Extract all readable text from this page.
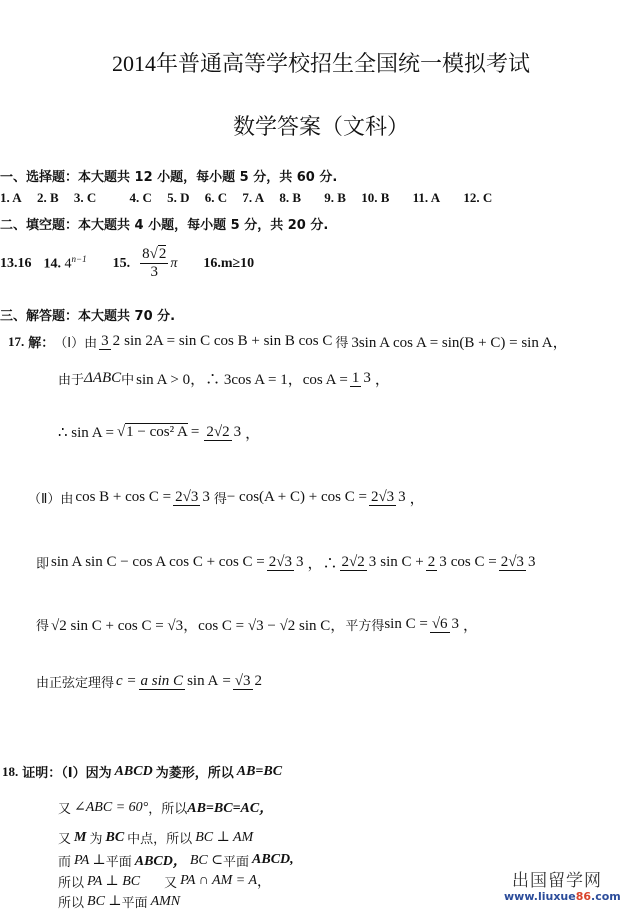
2014年普通高等学校招生全国统一模拟考试
数学答案（文科）
一、选择题：本大题共 12 小题，每小题 5 分，共 60 分.
1. A 2. B 3. C	4. C 5. D 6. C 7. A 8. B 9. B 10. B 11. A 12. C
二、填空题：本大题共 4 小题，每小题 5 分，共 20 分.
13.16 14. $4^{n-1}$ 15. $\frac{8√2}{3}$ π 16.m≥10
三、解答题：本大题共 70 分.
17. 解： （Ⅰ） 由 3 2 sin 2A = sin C cos B + sin B cos C 得 3sin A cos A = sin(B + C) = sin A，
由于 ΔABC 中 sin A > 0，∴ 3cos A = 1，cos A = 1 3 ，
∴ sin A = √ 1 − cos² A = 2√2 3 ，
（Ⅱ） 由 cos B + cos C = 2√3 3 得 − cos(A + C) + cos C = 2√3 3 ，
即 sin A sin C − cos A cos C + cos C = 2√3 3 ，∴ 2√2 3 sin C + 2 3 cos C = 2√3 3
得 √2 sin C + cos C = √3，cos C = √3 − √2 sin C， 平方得 sin C = √6 3 ，
由正弦定理得 c = a sin C sin A = √3 2
18. 证明：（Ⅰ）因为 ABCD 为菱形，所以 AB=BC
又 ∠ABC = 60° ，所以 AB=BC=AC，
又 M 为 BC 中点，所以 BC ⊥ AM
而 PA ⊥ 平面 ABCD， BC ⊂ 平面 ABCD,
所以 PA ⊥ BC 又 PA ∩ AM = A ，
所以 BC ⊥ 平面 AMN
出国留学网
www.liuxue86.com
